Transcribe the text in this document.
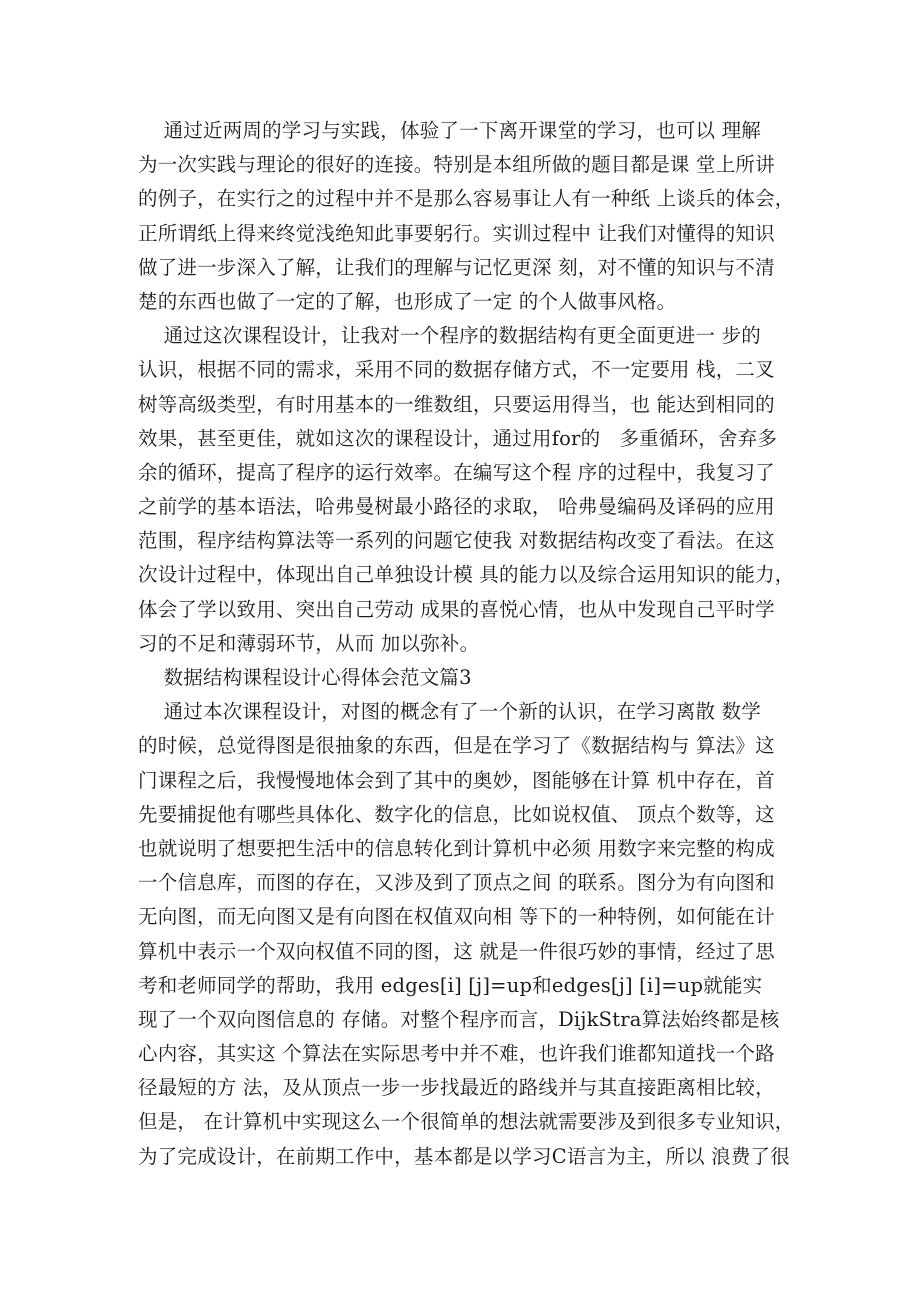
通过近两周的学习与实践，体验了一下离开课堂的学习，也可以 理解
为一次实践与理论的很好的连接。特别是本组所做的题目都是课 堂上所讲
的例子，在实行之的过程中并不是那么容易事让人有一种纸 上谈兵的体会，
正所谓纸上得来终觉浅绝知此事要躬行。实训过程中 让我们对懂得的知识
做了进一步深入了解，让我们的理解与记忆更深 刻，对不懂的知识与不清
楚的东西也做了一定的了解，也形成了一定 的个人做事风格。
通过这次课程设计，让我对一个程序的数据结构有更全面更进一 步的
认识，根据不同的需求，采用不同的数据存储方式，不一定要用 栈，二叉
树等高级类型，有时用基本的一维数组，只要运用得当，也 能达到相同的
效果，甚至更佳，就如这次的课程设计，通过用for的   多重循环，舍弃多
余的循环，提高了程序的运行效率。在编写这个程 序的过程中，我复习了
之前学的基本语法，哈弗曼树最小路径的求取， 哈弗曼编码及译码的应用
范围，程序结构算法等一系列的问题它使我 对数据结构改变了看法。在这
次设计过程中，体现出自己单独设计模 具的能力以及综合运用知识的能力，
体会了学以致用、突出自己劳动 成果的喜悦心情，也从中发现自己平时学
习的不足和薄弱环节，从而 加以弥补。
数据结构课程设计心得体会范文篇3
通过本次课程设计，对图的概念有了一个新的认识，在学习离散 数学
的时候，总觉得图是很抽象的东西，但是在学习了《数据结构与 算法》这
门课程之后，我慢慢地体会到了其中的奥妙，图能够在计算 机中存在，首
先要捕捉他有哪些具体化、数字化的信息，比如说权值、 顶点个数等，这
也就说明了想要把生活中的信息转化到计算机中必须 用数字来完整的构成
一个信息库，而图的存在，又涉及到了顶点之间 的联系。图分为有向图和
无向图，而无向图又是有向图在权值双向相 等下的一种特例，如何能在计
算机中表示一个双向权值不同的图，这 就是一件很巧妙的事情，经过了思
考和老师同学的帮助，我用 edges[i] [j]=up和edges[j] [i]=up就能实
现了一个双向图信息的 存储。对整个程序而言，DijkStra算法始终都是核
心内容，其实这 个算法在实际思考中并不难，也许我们谁都知道找一个路
径最短的方 法，及从顶点一步一步找最近的路线并与其直接距离相比较，
但是， 在计算机中实现这么一个很简单的想法就需要涉及到很多专业知识，
为了完成设计，在前期工作中，基本都是以学习C语言为主，所以 浪费了很
